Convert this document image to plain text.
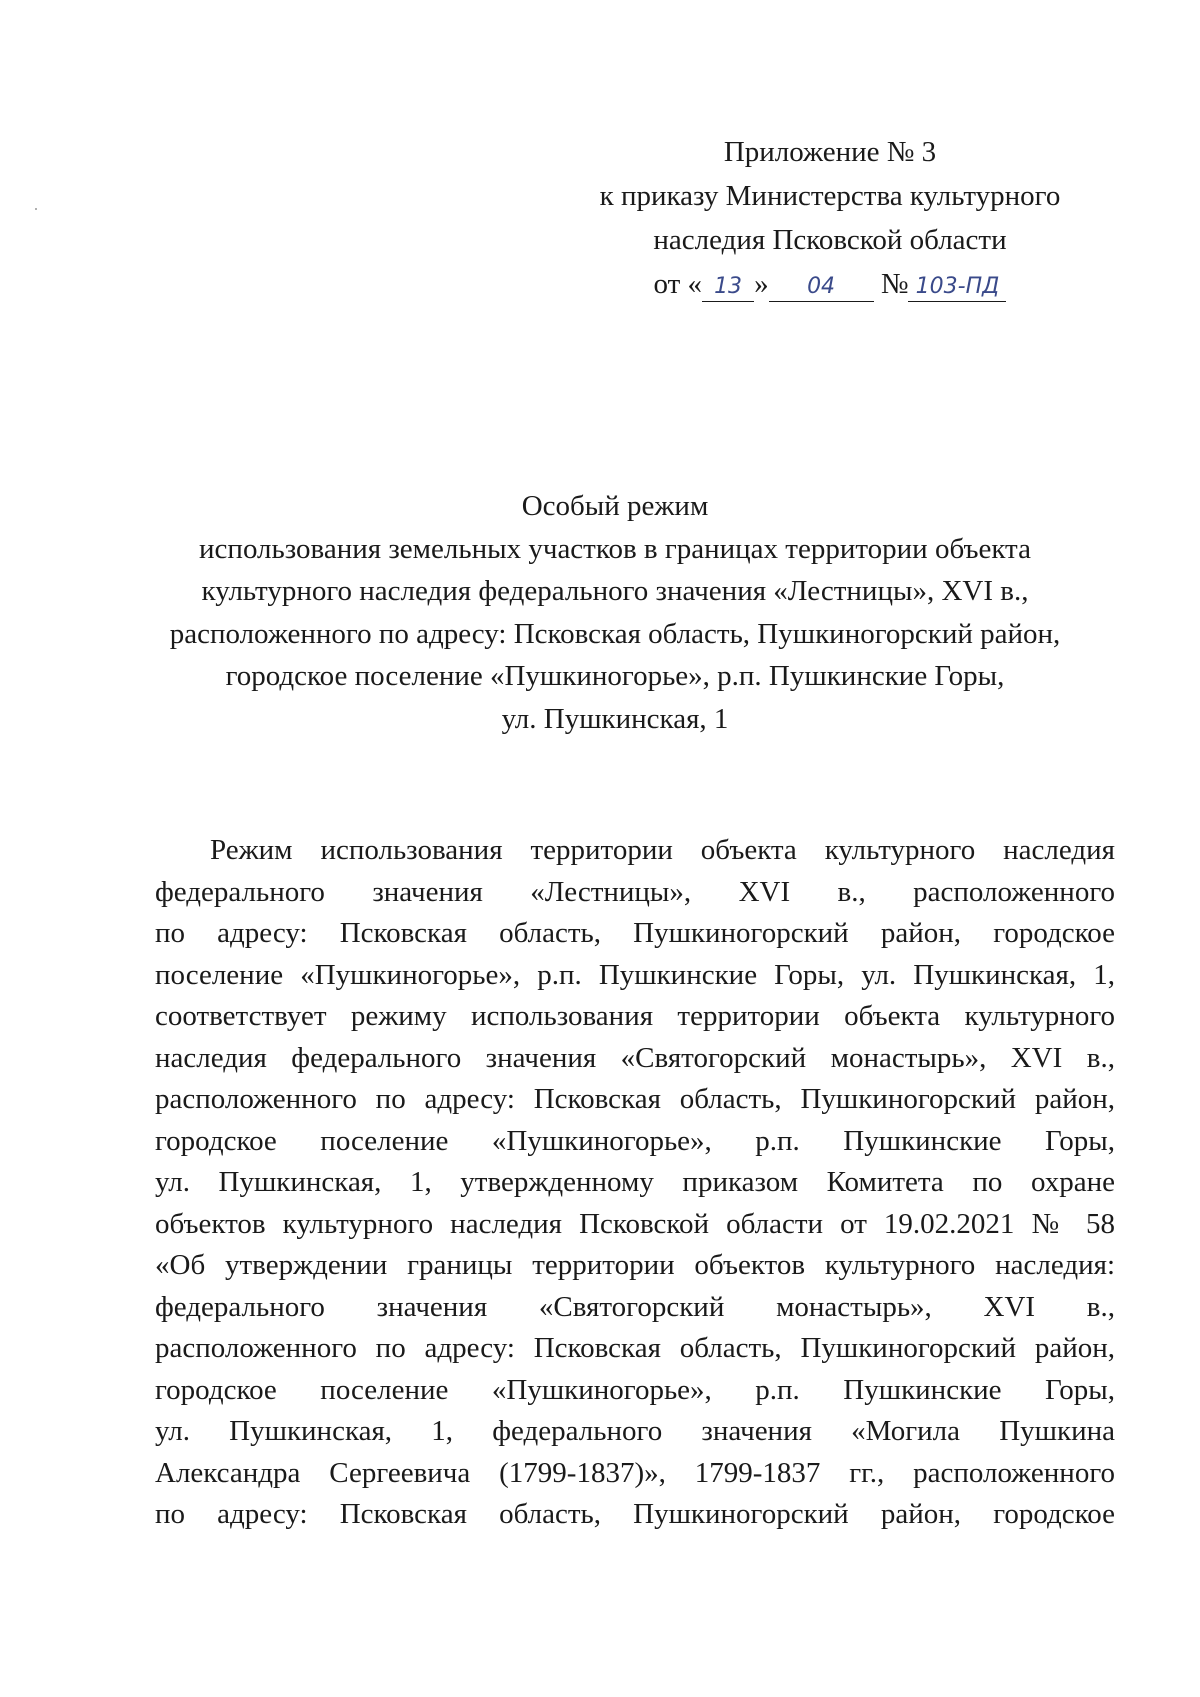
Приложение № 3
к приказу Министерства культурного
наследия Псковской области
от « 13 » 04 № 103-ПД
Особый режим
использования земельных участков в границах территории объекта
культурного наследия федерального значения «Лестницы», XVI в.,
расположенного по адресу: Псковская область, Пушкиногорский район,
городское поселение «Пушкиногорье», р.п. Пушкинские Горы,
ул. Пушкинская, 1
Режим использования территории объекта культурного наследия
федерального значения «Лестницы», XVI в., расположенного
по адресу: Псковская область, Пушкиногорский район, городское
поселение «Пушкиногорье», р.п. Пушкинские Горы, ул. Пушкинская, 1,
соответствует режиму использования территории объекта культурного
наследия федерального значения «Святогорский монастырь», XVI в.,
расположенного по адресу: Псковская область, Пушкиногорский район,
городское поселение «Пушкиногорье», р.п. Пушкинские Горы,
ул. Пушкинская, 1, утвержденному приказом Комитета по охране
объектов культурного наследия Псковской области от 19.02.2021 № 58
«Об утверждении границы территории объектов культурного наследия:
федерального значения «Святогорский монастырь», XVI в.,
расположенного по адресу: Псковская область, Пушкиногорский район,
городское поселение «Пушкиногорье», р.п. Пушкинские Горы,
ул. Пушкинская, 1, федерального значения «Могила Пушкина
Александра Сергеевича (1799-1837)», 1799-1837 гг., расположенного
по адресу: Псковская область, Пушкиногорский район, городское
